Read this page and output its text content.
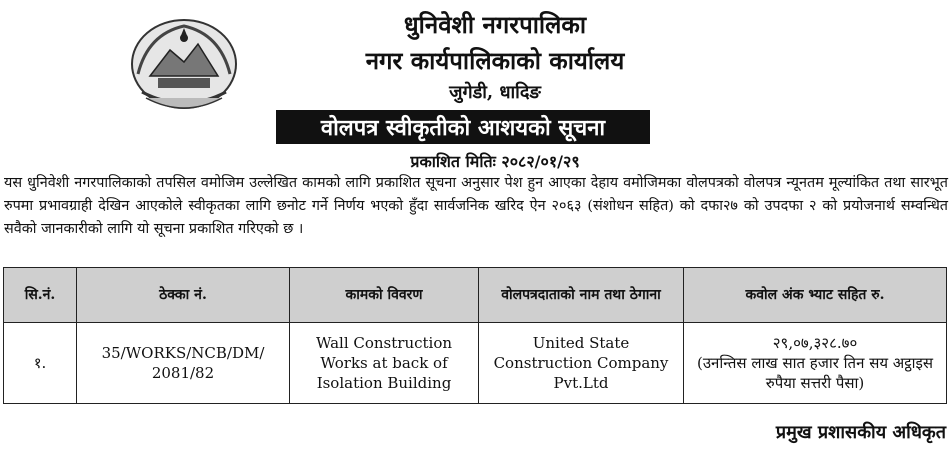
धुनिवेशी नगरपालिका
नगर कार्यपालिकाको कार्यालय
जुगेडी, धादिङ
वोलपत्र स्वीकृतीको आशयको सूचना
प्रकाशित मितिः २०८२/०१/२९
यस धुनिवेशी नगरपालिकाको तपसिल वमोजिम उल्लेखित कामको लागि प्रकाशित सूचना अनुसार पेश हुन आएका देहाय वमोजिमका वोलपत्रको वोलपत्र न्यूनतम मूल्यांकित तथा सारभूत रुपमा प्रभावग्राही देखिन आएकोले स्वीकृतका लागि छनोट गर्ने निर्णय भएको हुँदा सार्वजनिक खरिद ऐन २०६३ (संशोधन सहित) को दफा२७ को उपदफा २ को प्रयोजनार्थ सम्वन्धित सवैको जानकारीको लागि यो सूचना प्रकाशित गरिएको छ ।
सि.नं.	ठेक्का नं.	कामको विवरण	वोलपत्रदाताको नाम तथा ठेगाना	कवोल अंक भ्याट सहित रु.
१.	35/WORKS/NCB/DM/ 2081/82	Wall Construction Works at back of Isolation Building	United State Construction Company Pvt.Ltd	२९,०७,३२८.७०
(उनन्तिस लाख सात हजार तिन सय अट्ठाइस रुपैया सत्तरी पैसा)
प्रमुख प्रशासकीय अधिकृत
